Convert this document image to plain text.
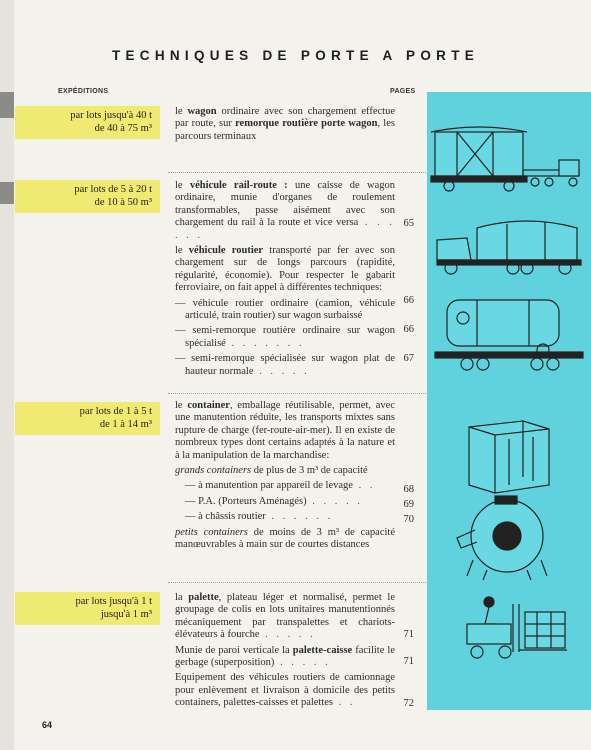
TECHNIQUES DE PORTE A PORTE
EXPÉDITIONS	PAGES
par lots jusqu'à 40 t
de 40 à 75 m³

le wagon ordinaire avec son chargement effectue par route, sur remorque routière porte wagon, les parcours terminaux

par lots de 5 à 20 t
de 10 à 50 m³

le véhicule rail-route : une caisse de wagon ordinaire, munie d'organes de roulement transformables, passe aisément avec son chargement du rail à la route et vice versa . . . . . .

le véhicule routier transporté par fer avec son chargement sur de longs parcours (rapidité, régularité, économie). Pour respecter le gabarit ferroviaire, on fait appel à différentes techniques:

— véhicule routier ordinaire (camion, véhicule articulé, train routier) sur wagon surbaissé

— semi-remorque routière ordinaire sur wagon spécialisé . . . . . . .

— semi-remorque spécialisée sur wagon plat de hauteur normale . . . . .

65
66
66
67
par lots de 1 à 5 t
de 1 à 14 m³

le container, emballage réutilisable, permet, avec une manutention réduite, les transports mixtes sans rupture de charge (fer-route-air-mer). Il en existe de nombreux types dont certains adaptés à la nature et à la manipulation de la marchandise:

grands containers de plus de 3 m³ de capacité

— à manutention par appareil de levage . .

— P.A. (Porteurs Aménagés) . . . . .

— à châssis routier . . . . . .

petits containers de moins de 3 m³ de capacité manœuvrables à main sur de courtes distances

68
69
70
par lots jusqu'à 1 t
jusqu'à 1 m³

la palette, plateau léger et normalisé, permet le groupage de colis en lots unitaires manutentionnés mécaniquement par transpalettes et chariots-élévateurs à fourche . . . . .

Munie de paroi verticale la palette-caisse facilite le gerbage (superposition) . . . . .

Equipement des véhicules routiers de camionnage pour enlèvement et livraison à domicile des petits containers, palettes-caisses et palettes . .

71
71
72
64
